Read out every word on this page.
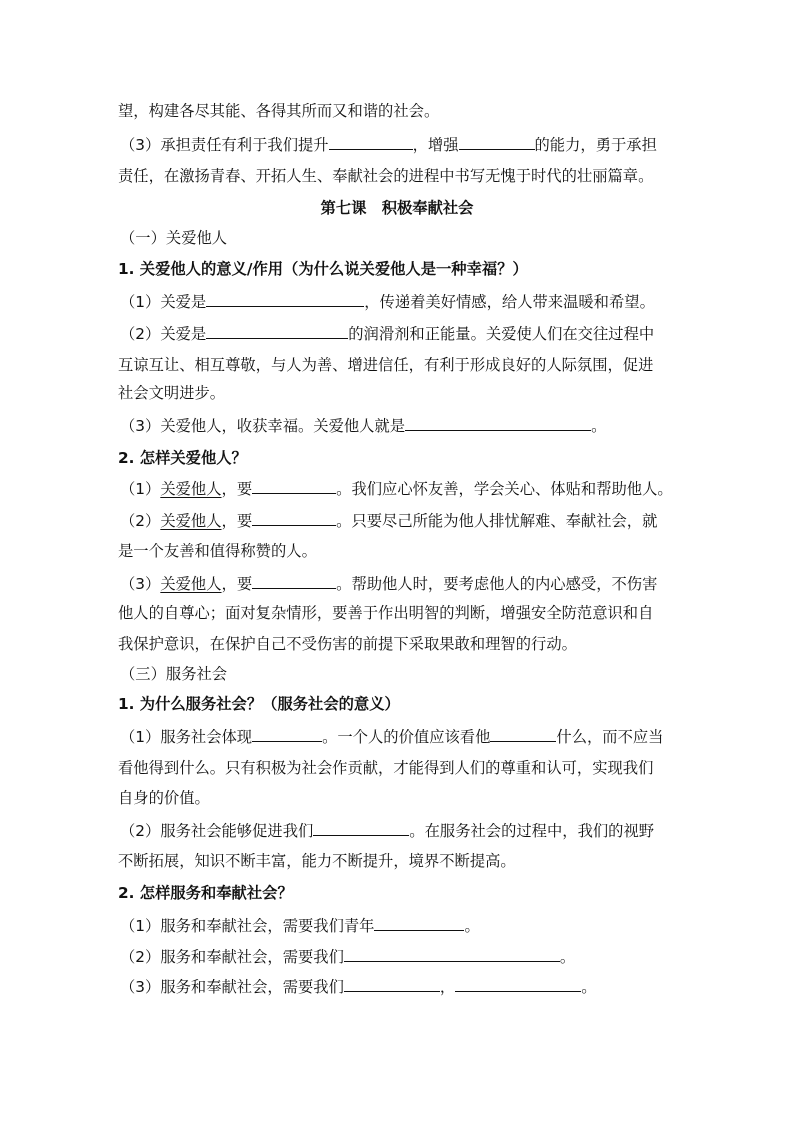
望，构建各尽其能、各得其所而又和谐的社会。
（3）承担责任有利于我们提升	，增强	的能力，勇于承担
责任，在激扬青春、开拓人生、奉献社会的进程中书写无愧于时代的壮丽篇章。
第七课　积极奉献社会
（一）关爱他人
1. 关爱他人的意义/作用（为什么说关爱他人是一种幸福？）
（1）关爱是	，传递着美好情感，给人带来温暖和希望。
（2）关爱是	的润滑剂和正能量。关爱使人们在交往过程中
互谅互让、相互尊敬，与人为善、增进信任，有利于形成良好的人际氛围，促进
社会文明进步。
（3）关爱他人，收获幸福。关爱他人就是	。
2. 怎样关爱他人？
（1）关爱他人，要	。我们应心怀友善，学会关心、体贴和帮助他人。
（2）关爱他人，要	。只要尽己所能为他人排忧解难、奉献社会，就
是一个友善和值得称赞的人。
（3）关爱他人，要	。帮助他人时，要考虑他人的内心感受，不伤害
他人的自尊心；面对复杂情形，要善于作出明智的判断，增强安全防范意识和自
我保护意识，在保护自己不受伤害的前提下采取果敢和理智的行动。
（三）服务社会
1. 为什么服务社会？（服务社会的意义）
（1）服务社会体现	。一个人的价值应该看他	什么，而不应当
看他得到什么。只有积极为社会作贡献，才能得到人们的尊重和认可，实现我们
自身的价值。
（2）服务社会能够促进我们	。在服务社会的过程中，我们的视野
不断拓展，知识不断丰富，能力不断提升，境界不断提高。
2. 怎样服务和奉献社会？
（1）服务和奉献社会，需要我们青年	。
（2）服务和奉献社会，需要我们	。
（3）服务和奉献社会，需要我们	，	。
